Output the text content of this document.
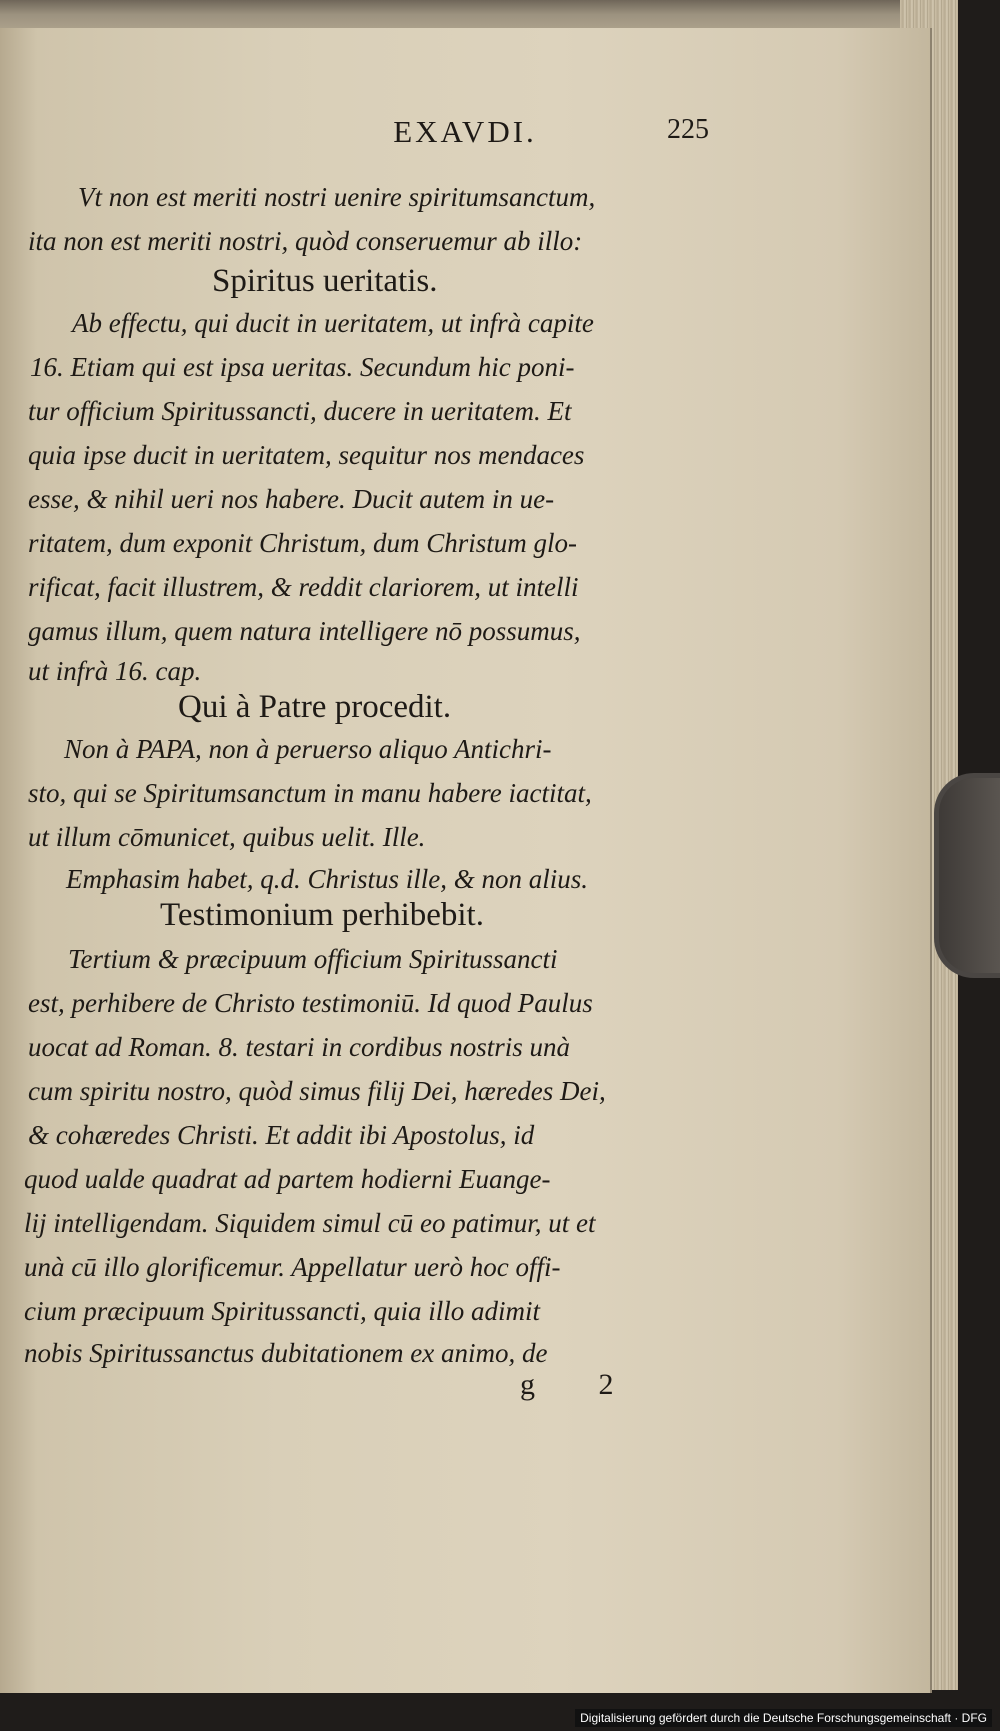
EXAVDI.	225
Vt non est meriti nostri uenire spiritumsanctum,
ita non est meriti nostri, quòd conseruemur ab illo:
Spiritus ueritatis.
Ab effectu, qui ducit in ueritatem, ut infrà capite
16. Etiam qui est ipsa ueritas. Secundum hic poni-
tur officium Spiritussancti, ducere in ueritatem. Et
quia ipse ducit in ueritatem, sequitur nos mendaces
esse, & nihil ueri nos habere. Ducit autem in ue-
ritatem, dum exponit Christum, dum Christum glo-
rificat, facit illustrem, & reddit clariorem, ut intelli
gamus illum, quem natura intelligere nō possumus,
ut infrà 16. cap.
Qui à Patre procedit.
Non à PAPA, non à peruerso aliquo Antichri-
sto, qui se Spiritumsanctum in manu habere iactitat,
ut illum cōmunicet, quibus uelit. Ille.
Emphasim habet, q.d. Christus ille, & non alius.
Testimonium perhibebit.
Tertium & præcipuum officium Spiritussancti
est, perhibere de Christo testimoniū. Id quod Paulus
uocat ad Roman. 8. testari in cordibus nostris unà
cum spiritu nostro, quòd simus filij Dei, hæredes Dei,
& cohæredes Christi. Et addit ibi Apostolus, id
quod ualde quadrat ad partem hodierni Euange-
lij intelligendam. Siquidem simul cū eo patimur, ut et
unà cū illo glorificemur. Appellatur uerò hoc offi-
cium præcipuum Spiritussancti, quia illo adimit
nobis Spiritussanctus dubitationem ex animo, de
g 2
Digitalisierung gefördert durch die Deutsche Forschungsgemeinschaft · DFG
